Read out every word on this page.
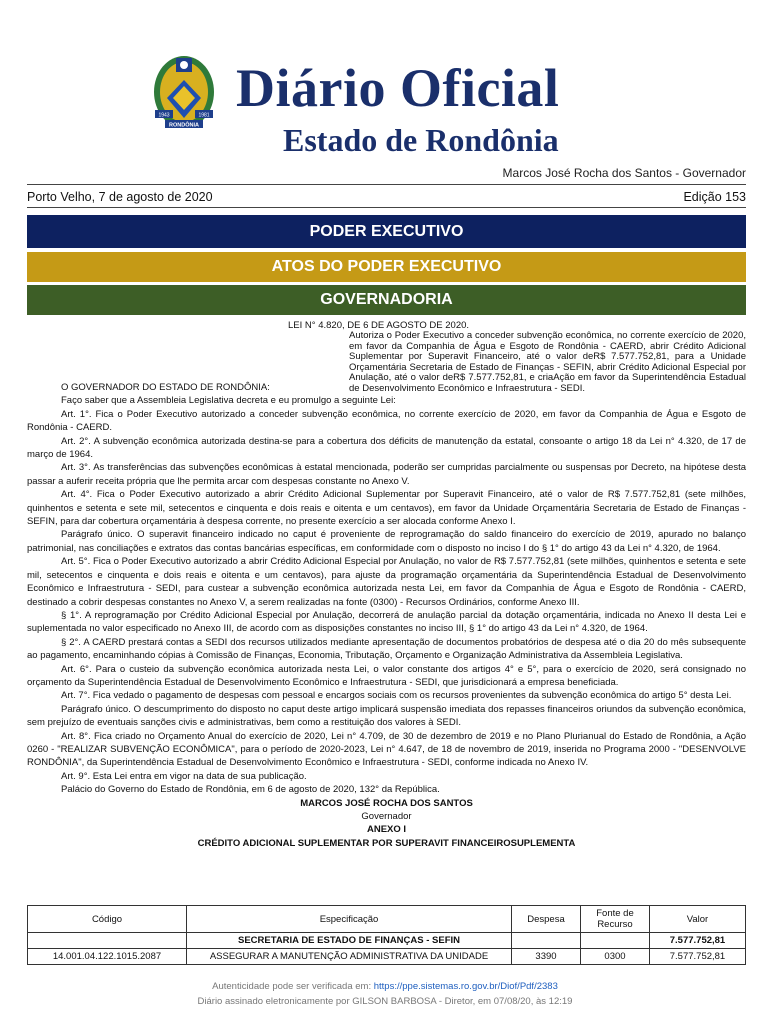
1943	1981
RONDÔNIA
Diário Oficial
Estado de Rondônia
Marcos José Rocha dos Santos - Governador
Porto Velho, 7 de agosto de 2020	Edição 153
PODER EXECUTIVO
ATOS DO PODER EXECUTIVO
GOVERNADORIA
LEI N° 4.820, DE 6 DE AGOSTO DE 2020.
Autoriza o Poder Executivo a conceder subvenção econômica, no corrente exercício de 2020, em favor da Companhia de Água e Esgoto de Rondônia - CAERD, abrir Crédito Adicional Suplementar por Superavit Financeiro, até o valor deR$ 7.577.752,81, para a Unidade Orçamentária Secretaria de Estado de Finanças - SEFIN, abrir Crédito Adicional Especial por Anulação, até o valor deR$ 7.577.752,81, e criaAção em favor da Superintendência Estadual de Desenvolvimento Econômico e Infraestrutura - SEDI.

O GOVERNADOR DO ESTADO DE RONDÔNIA:

Faço saber que a Assembleia Legislativa decreta e eu promulgo a seguinte Lei:

Art. 1°. Fica o Poder Executivo autorizado a conceder subvenção econômica, no corrente exercício de 2020, em favor da Companhia de Água e Esgoto de Rondônia - CAERD.

Art. 2°. A subvenção econômica autorizada destina-se para a cobertura dos déficits de manutenção da estatal, consoante o artigo 18 da Lei n° 4.320, de 17 de março de 1964.

Art. 3°. As transferências das subvenções econômicas à estatal mencionada, poderão ser cumpridas parcialmente ou suspensas por Decreto, na hipótese desta passar a auferir receita própria que lhe permita arcar com despesas constante no Anexo V.

Art. 4°. Fica o Poder Executivo autorizado a abrir Crédito Adicional Suplementar por Superavit Financeiro, até o valor de R$ 7.577.752,81 (sete milhões, quinhentos e setenta e sete mil, setecentos e cinquenta e dois reais e oitenta e um centavos), em favor da Unidade Orçamentária Secretaria de Estado de Finanças - SEFIN, para dar cobertura orçamentária à despesa corrente, no presente exercício a ser alocada conforme Anexo I.

Parágrafo único. O superavit financeiro indicado no caput é proveniente de reprogramação do saldo financeiro do exercício de 2019, apurado no balanço patrimonial, nas conciliações e extratos das contas bancárias específicas, em conformidade com o disposto no inciso I do § 1° do artigo 43 da Lei n° 4.320, de 1964.

Art. 5°. Fica o Poder Executivo autorizado a abrir Crédito Adicional Especial por Anulação, no valor de R$ 7.577.752,81 (sete milhões, quinhentos e setenta e sete mil, setecentos e cinquenta e dois reais e oitenta e um centavos), para ajuste da programação orçamentária da Superintendência Estadual de Desenvolvimento Econômico e Infraestrutura - SEDI, para custear a subvenção econômica autorizada nesta Lei, em favor da Companhia de Água e Esgoto de Rondônia - CAERD, destinado a cobrir despesas constantes no Anexo V, a serem realizadas na fonte (0300) - Recursos Ordinários, conforme Anexo III.

§ 1°. A reprogramação por Crédito Adicional Especial por Anulação, decorrerá de anulação parcial da dotação orçamentária, indicada no Anexo II desta Lei e suplementada no valor especificado no Anexo III, de acordo com as disposições constantes no inciso III, § 1° do artigo 43 da Lei n° 4.320, de 1964.

§ 2°. A CAERD prestará contas a SEDI dos recursos utilizados mediante apresentação de documentos probatórios de despesa até o dia 20 do mês subsequente ao pagamento, encaminhando cópias à Comissão de Finanças, Economia, Tributação, Orçamento e Organização Administrativa da Assembleia Legislativa.

Art. 6°. Para o custeio da subvenção econômica autorizada nesta Lei, o valor constante dos artigos 4° e 5°, para o exercício de 2020, será consignado no orçamento da Superintendência Estadual de Desenvolvimento Econômico e Infraestrutura - SEDI, que jurisdicionará a empresa beneficiada.

Art. 7°. Fica vedado o pagamento de despesas com pessoal e encargos sociais com os recursos provenientes da subvenção econômica do artigo 5° desta Lei.

Parágrafo único. O descumprimento do disposto no caput deste artigo implicará suspensão imediata dos repasses financeiros oriundos da subvenção econômica, sem prejuízo de eventuais sanções civis e administrativas, bem como a restituição dos valores à SEDI.

Art. 8°. Fica criado no Orçamento Anual do exercício de 2020, Lei n° 4.709, de 30 de dezembro de 2019 e no Plano Plurianual do Estado de Rondônia, a Ação 0260 - "REALIZAR SUBVENÇÃO ECONÔMICA", para o período de 2020-2023, Lei n° 4.647, de 18 de novembro de 2019, inserida no Programa 2000 - "DESENVOLVE RONDÔNIA", da Superintendência Estadual de Desenvolvimento Econômico e Infraestrutura - SEDI, conforme indicada no Anexo IV.

Art. 9°. Esta Lei entra em vigor na data de sua publicação.

Palácio do Governo do Estado de Rondônia, em 6 de agosto de 2020, 132° da República.

MARCOS JOSÉ ROCHA DOS SANTOS

Governador

ANEXO I

CRÉDITO ADICIONAL SUPLEMENTAR POR SUPERAVIT FINANCEIROSUPLEMENTA

Código	Especificação	Despesa	Fonte de Recurso	Valor
	SECRETARIA DE ESTADO DE FINANÇAS - SEFIN			7.577.752,81
14.001.04.122.1015.2087	ASSEGURAR A MANUTENÇÃO ADMINISTRATIVA DA UNIDADE	3390	0300	7.577.752,81
Autenticidade pode ser verificada em: https://ppe.sistemas.ro.gov.br/Diof/Pdf/2383
Diário assinado eletronicamente por GILSON BARBOSA - Diretor, em 07/08/20, às 12:19
